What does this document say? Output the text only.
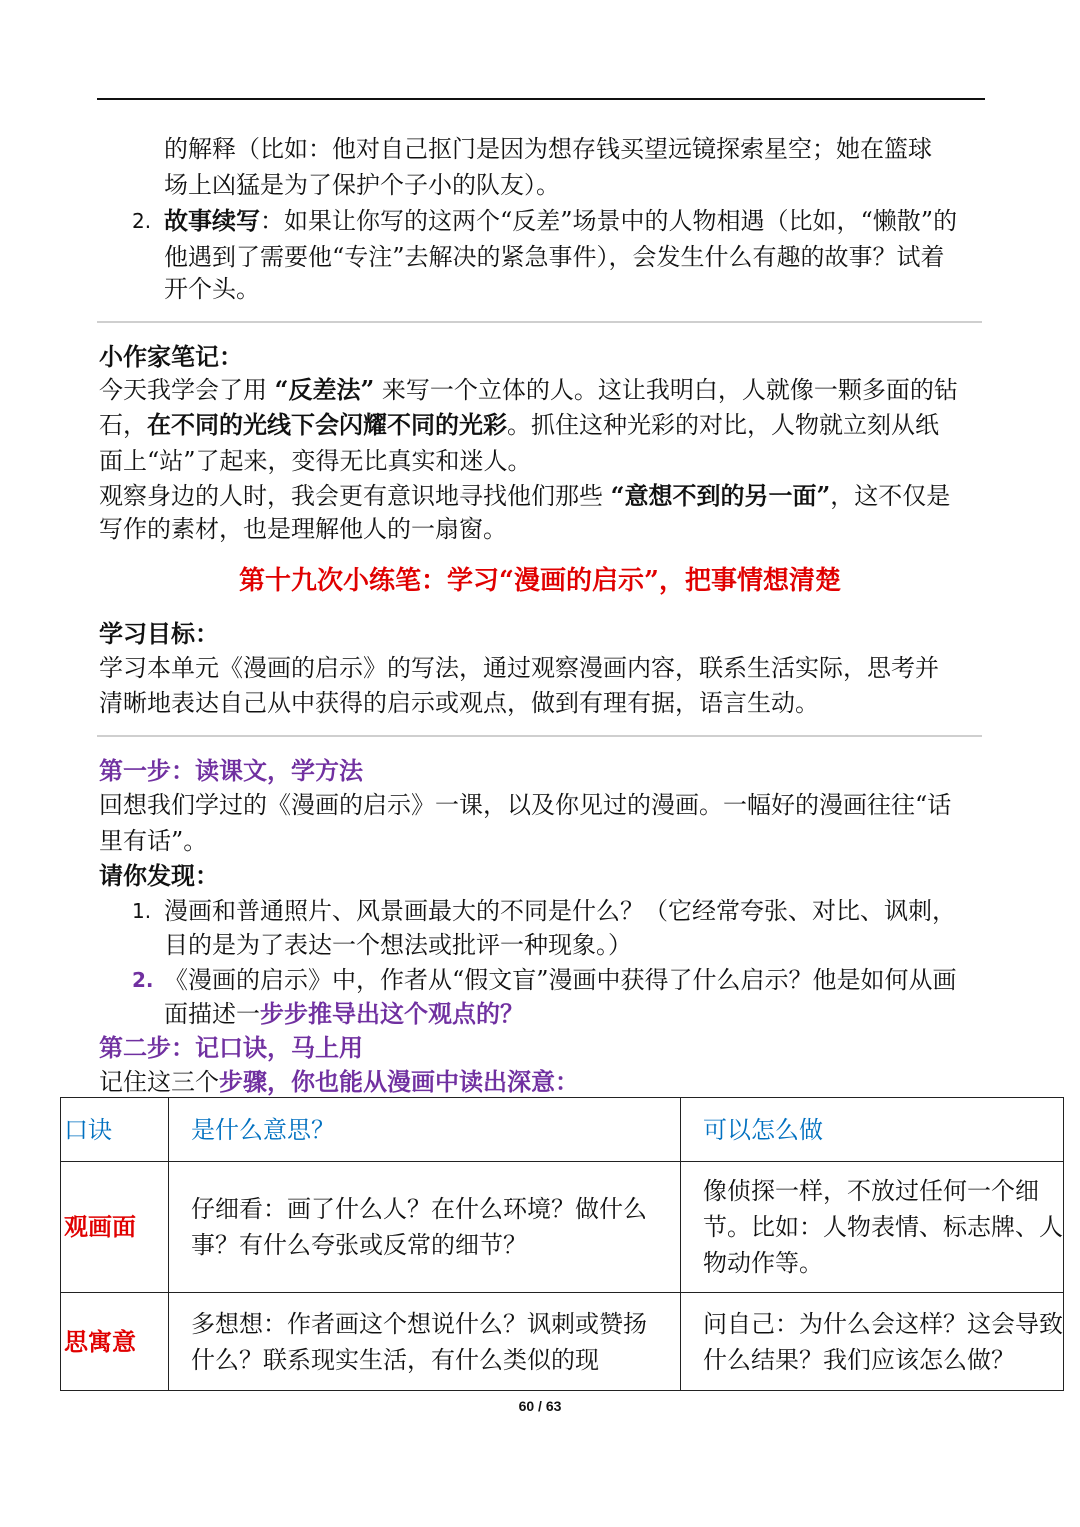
的解释（比如：他对自己抠门是因为想存钱买望远镜探索星空；她在篮球
场上凶猛是为了保护个子小的队友）。
2. 故事续写：如果让你写的这两个“反差”场景中的人物相遇（比如，“懒散”的
他遇到了需要他“专注”去解决的紧急事件），会发生什么有趣的故事？试着
开个头。
小作家笔记：
今天我学会了用 “反差法” 来写一个立体的人。这让我明白，人就像一颗多面的钻
石，在不同的光线下会闪耀不同的光彩。抓住这种光彩的对比，人物就立刻从纸
面上“站”了起来，变得无比真实和迷人。
观察身边的人时，我会更有意识地寻找他们那些 “意想不到的另一面”，这不仅是
写作的素材，也是理解他人的一扇窗。
第十九次小练笔：学习“漫画的启示”，把事情想清楚
学习目标：
学习本单元《漫画的启示》的写法，通过观察漫画内容，联系生活实际，思考并
清晰地表达自己从中获得的启示或观点，做到有理有据，语言生动。
第一步：读课文，学方法
回想我们学过的《漫画的启示》一课，以及你见过的漫画。一幅好的漫画往往“话
里有话”。
请你发现：
1. 漫画和普通照片、风景画最大的不同是什么？（它经常夸张、对比、讽刺，
目的是为了表达一个想法或批评一种现象。）
2. 《漫画的启示》中，作者从“假文盲”漫画中获得了什么启示？他是如何从画
面描述一步步推导出这个观点的？
第二步：记口诀，马上用
记住这三个步骤，你也能从漫画中读出深意：
口诀	是什么意思？	可以怎么做
观画面	仔细看：画了什么人？在什么环境？做什么事？有什么夸张或反常的细节？	像侦探一样，不放过任何一个细节。比如：人物表情、标志牌、人物动作等。
思寓意	多想想：作者画这个想说什么？讽刺或赞扬什么？联系现实生活，有什么类似的现	问自己：为什么会这样？这会导致什么结果？我们应该怎么做？
60 / 63
